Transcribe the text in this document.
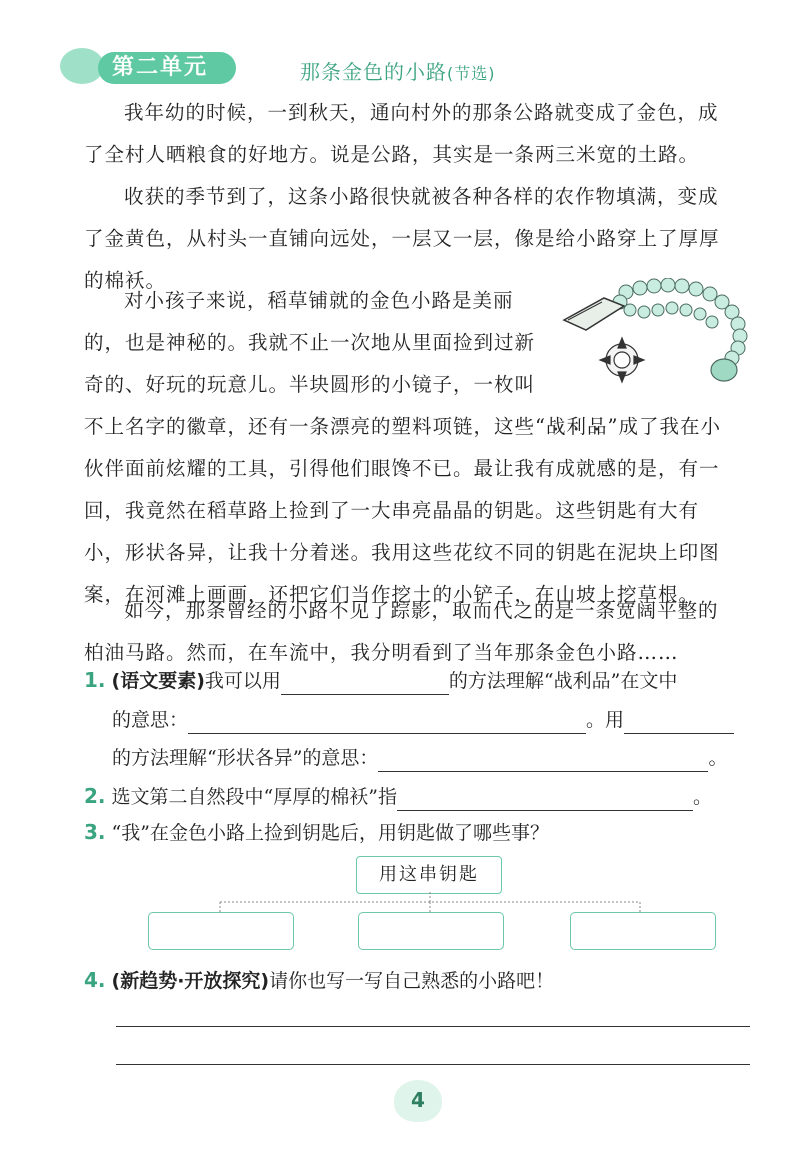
第二单元	那条金色的小路(节选)
我年幼的时候，一到秋天，通向村外的那条公路就变成了金色，成
了全村人晒粮食的好地方。说是公路，其实是一条两三米宽的土路。
收获的季节到了，这条小路很快就被各种各样的农作物填满，变成
了金黄色，从村头一直铺向远处，一层又一层，像是给小路穿上了厚厚
的棉袄。
对小孩子来说，稻草铺就的金色小路是美丽
的，也是神秘的。我就不止一次地从里面捡到过新
奇的、好玩的玩意儿。半块圆形的小镜子，一枚叫
不上名字的徽章，还有一条漂亮的塑料项链，这些“战 •利 •品 •”成了我在小
伙伴面前炫耀的工具，引得他们眼馋不已。最让我有成就感的是，有一
回，我竟然在稻草路上捡到了一大串亮晶晶的钥匙。这些钥匙有大有
小，形 •状 •各 •异 •，让我十分着迷。我用这些花纹不同的钥匙在泥块上印图
案，在河滩上画画，还把它们当作挖土的小铲子，在山坡上挖草根。
如今，那条曾经的小路不见了踪影，取而代之的是一条宽阔平整的
柏油马路。然而，在车流中，我分明看到了当年那条金色小路……
1. (语文要素)我可以用	的方法理解“战利品”在文中
的意思：	。用
的方法理解“形状各异”的意思：	。
2. 选文第二自然段中“厚厚的棉袄”指	。
3. “我”在金色小路上捡到钥匙后，用钥匙做了哪些事？
用这串钥匙
4. (新趋势·开放探究)请你也写一写自己熟悉的小路吧！
4
